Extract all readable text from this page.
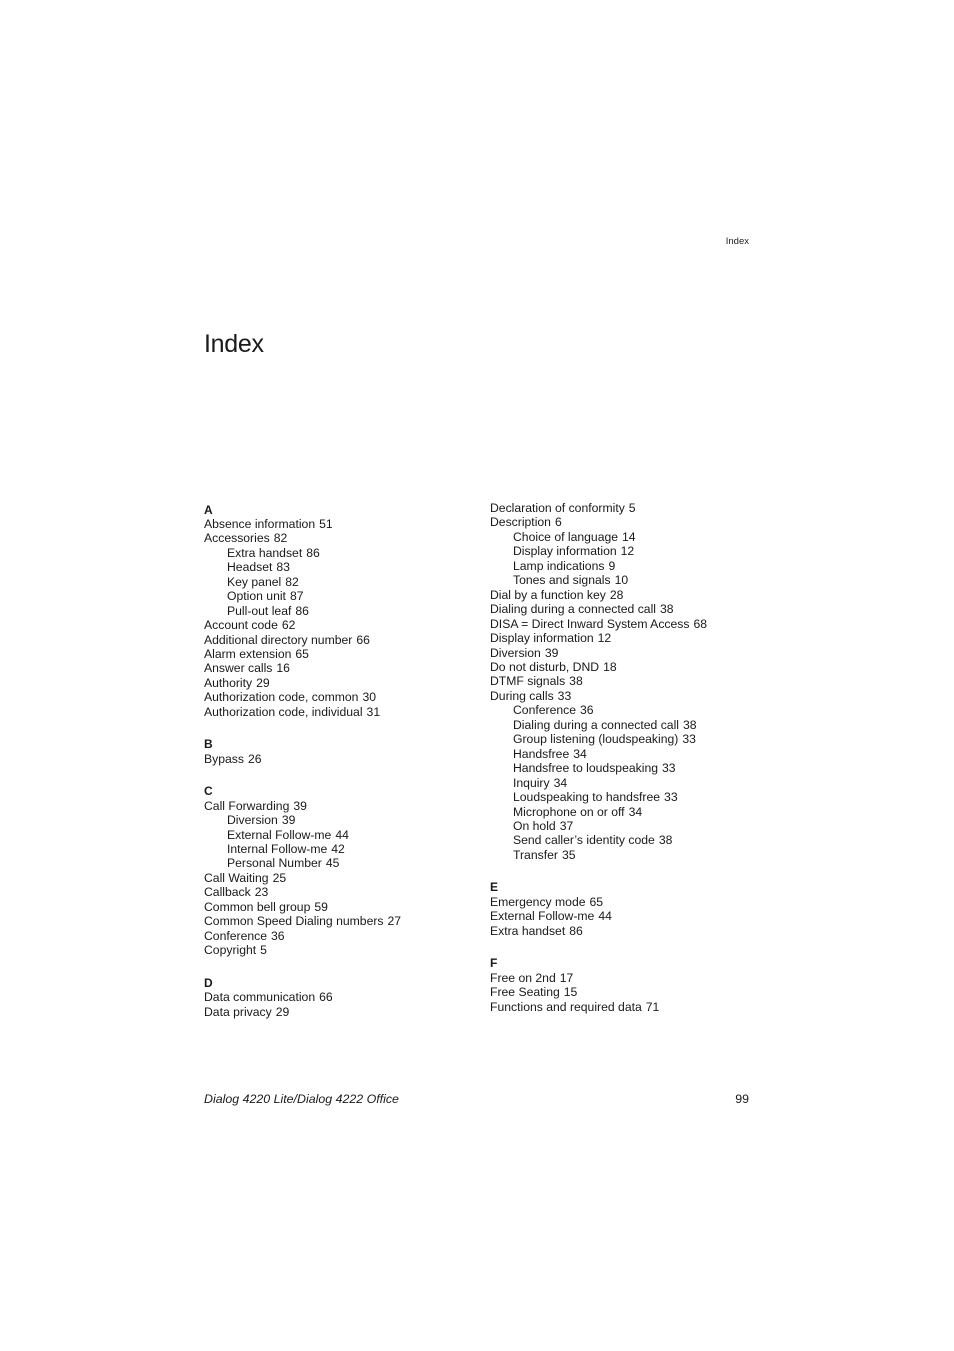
Index
Index
A
Absence information 51
Accessories 82
Extra handset 86
Headset 83
Key panel 82
Option unit 87
Pull-out leaf 86
Account code 62
Additional directory number 66
Alarm extension 65
Answer calls 16
Authority 29
Authorization code, common 30
Authorization code, individual 31
B
Bypass 26
C
Call Forwarding 39
Diversion 39
External Follow-me 44
Internal Follow-me 42
Personal Number 45
Call Waiting 25
Callback 23
Common bell group 59
Common Speed Dialing numbers 27
Conference 36
Copyright 5
D
Data communication 66
Data privacy 29
Declaration of conformity 5
Description 6
Choice of language 14
Display information 12
Lamp indications 9
Tones and signals 10
Dial by a function key 28
Dialing during a connected call 38
DISA = Direct Inward System Access 68
Display information 12
Diversion 39
Do not disturb, DND 18
DTMF signals 38
During calls 33
Conference 36
Dialing during a connected call 38
Group listening (loudspeaking) 33
Handsfree 34
Handsfree to loudspeaking 33
Inquiry 34
Loudspeaking to handsfree 33
Microphone on or off 34
On hold 37
Send caller’s identity code 38
Transfer 35
E
Emergency mode 65
External Follow-me 44
Extra handset 86
F
Free on 2nd 17
Free Seating 15
Functions and required data 71
Dialog 4220 Lite/Dialog 4222 Office	99
